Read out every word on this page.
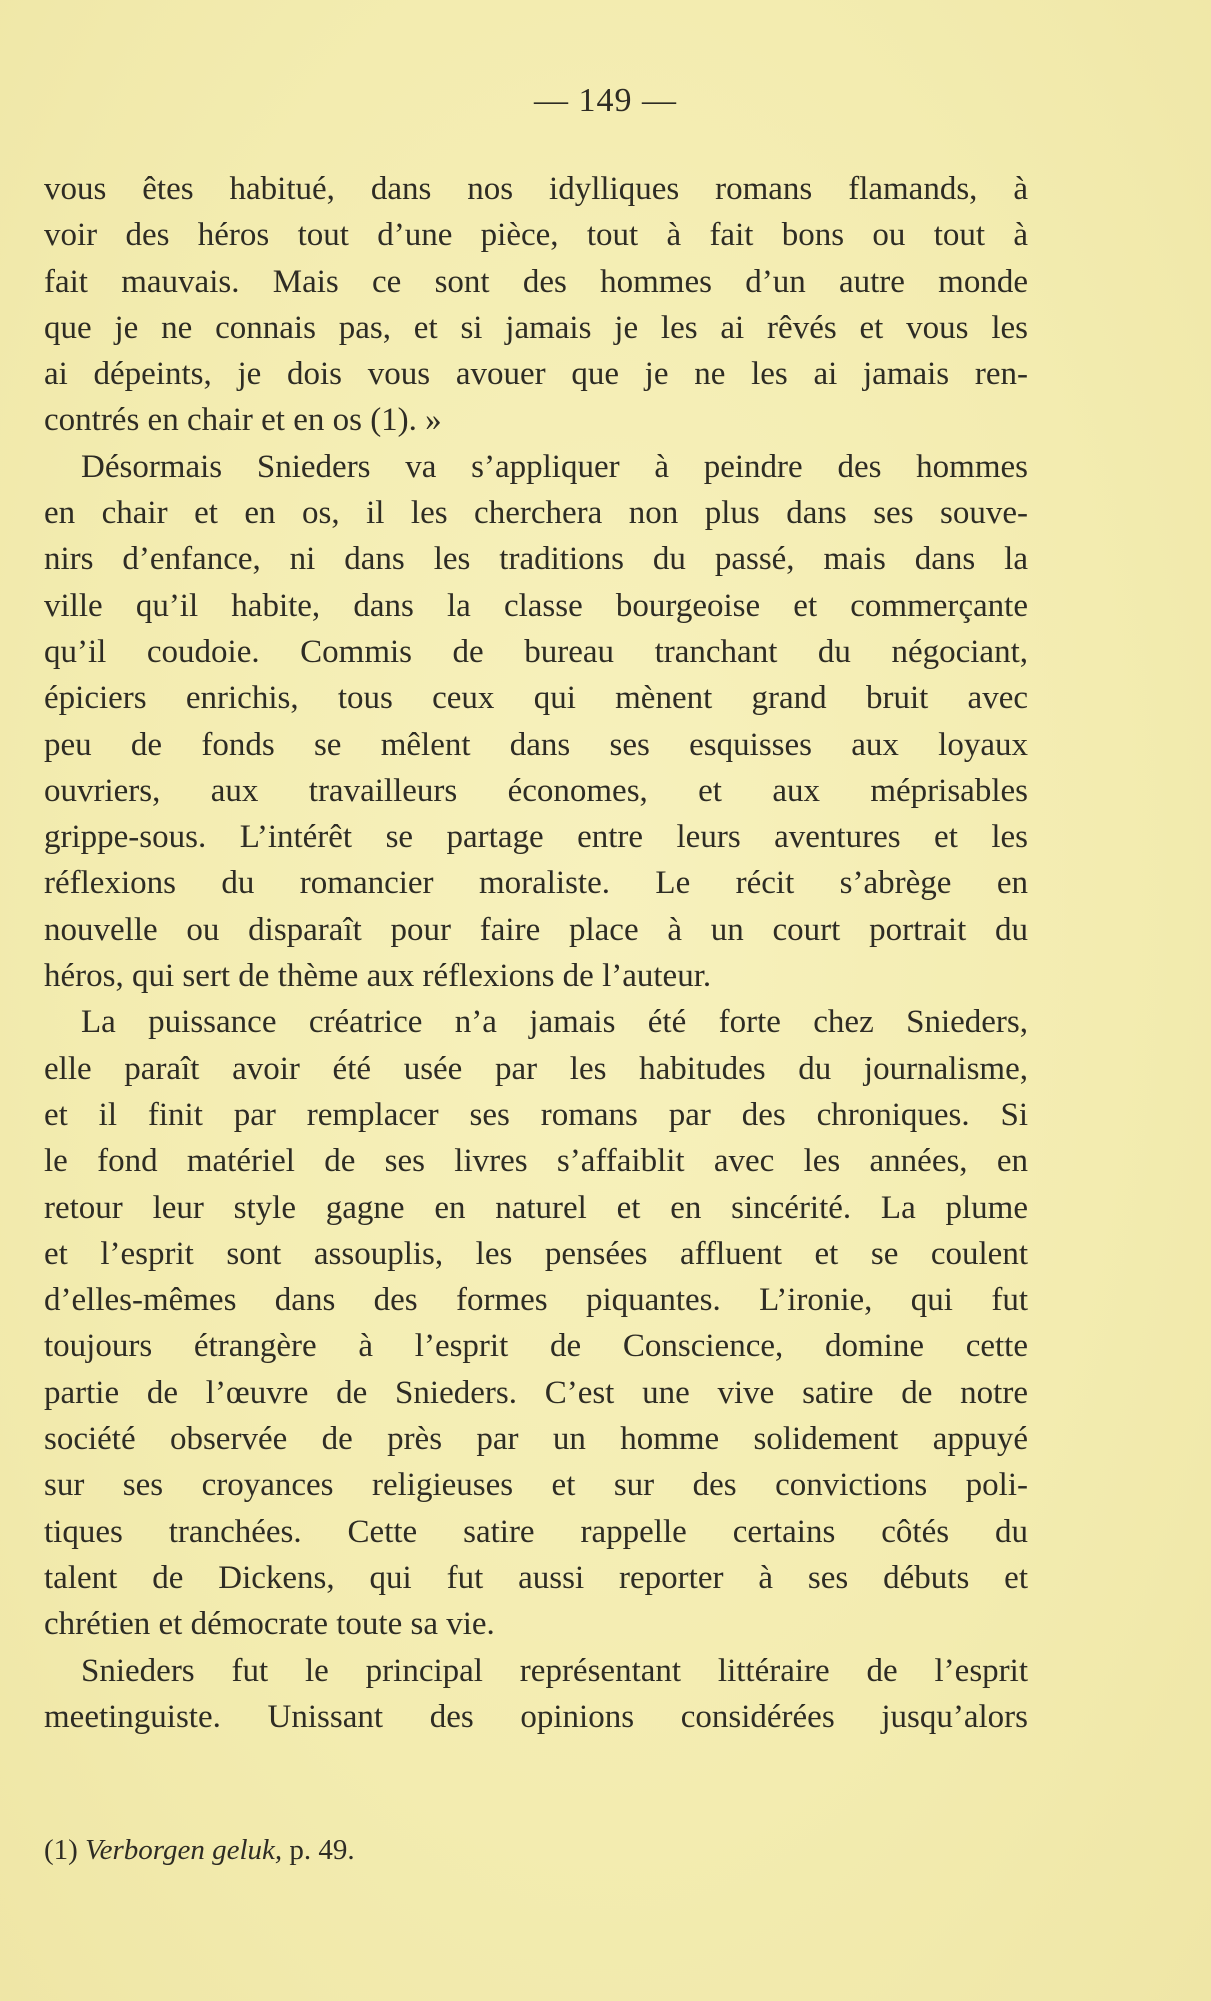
— 149 —
vous êtes habitué, dans nos idylliques romans flamands, à
voir des héros tout d’une pièce, tout à fait bons ou tout à
fait mauvais. Mais ce sont des hommes d’un autre monde
que je ne connais pas, et si jamais je les ai rêvés et vous les
ai dépeints, je dois vous avouer que je ne les ai jamais ren-
contrés en chair et en os (1). »
Désormais Snieders va s’appliquer à peindre des hommes
en chair et en os, il les cherchera non plus dans ses souve-
nirs d’enfance, ni dans les traditions du passé, mais dans la
ville qu’il habite, dans la classe bourgeoise et commerçante
qu’il coudoie. Commis de bureau tranchant du négociant,
épiciers enrichis, tous ceux qui mènent grand bruit avec
peu de fonds se mêlent dans ses esquisses aux loyaux
ouvriers, aux travailleurs économes, et aux méprisables
grippe-sous. L’intérêt se partage entre leurs aventures et les
réflexions du romancier moraliste. Le récit s’abrège en
nouvelle ou disparaît pour faire place à un court portrait du
héros, qui sert de thème aux réflexions de l’auteur.
La puissance créatrice n’a jamais été forte chez Snieders,
elle paraît avoir été usée par les habitudes du journalisme,
et il finit par remplacer ses romans par des chroniques. Si
le fond matériel de ses livres s’affaiblit avec les années, en
retour leur style gagne en naturel et en sincérité. La plume
et l’esprit sont assouplis, les pensées affluent et se coulent
d’elles-mêmes dans des formes piquantes. L’ironie, qui fut
toujours étrangère à l’esprit de Conscience, domine cette
partie de l’œuvre de Snieders. C’est une vive satire de notre
société observée de près par un homme solidement appuyé
sur ses croyances religieuses et sur des convictions poli-
tiques tranchées. Cette satire rappelle certains côtés du
talent de Dickens, qui fut aussi reporter à ses débuts et
chrétien et démocrate toute sa vie.
Snieders fut le principal représentant littéraire de l’esprit
meetinguiste. Unissant des opinions considérées jusqu’alors
(1) Verborgen geluk, p. 49.
